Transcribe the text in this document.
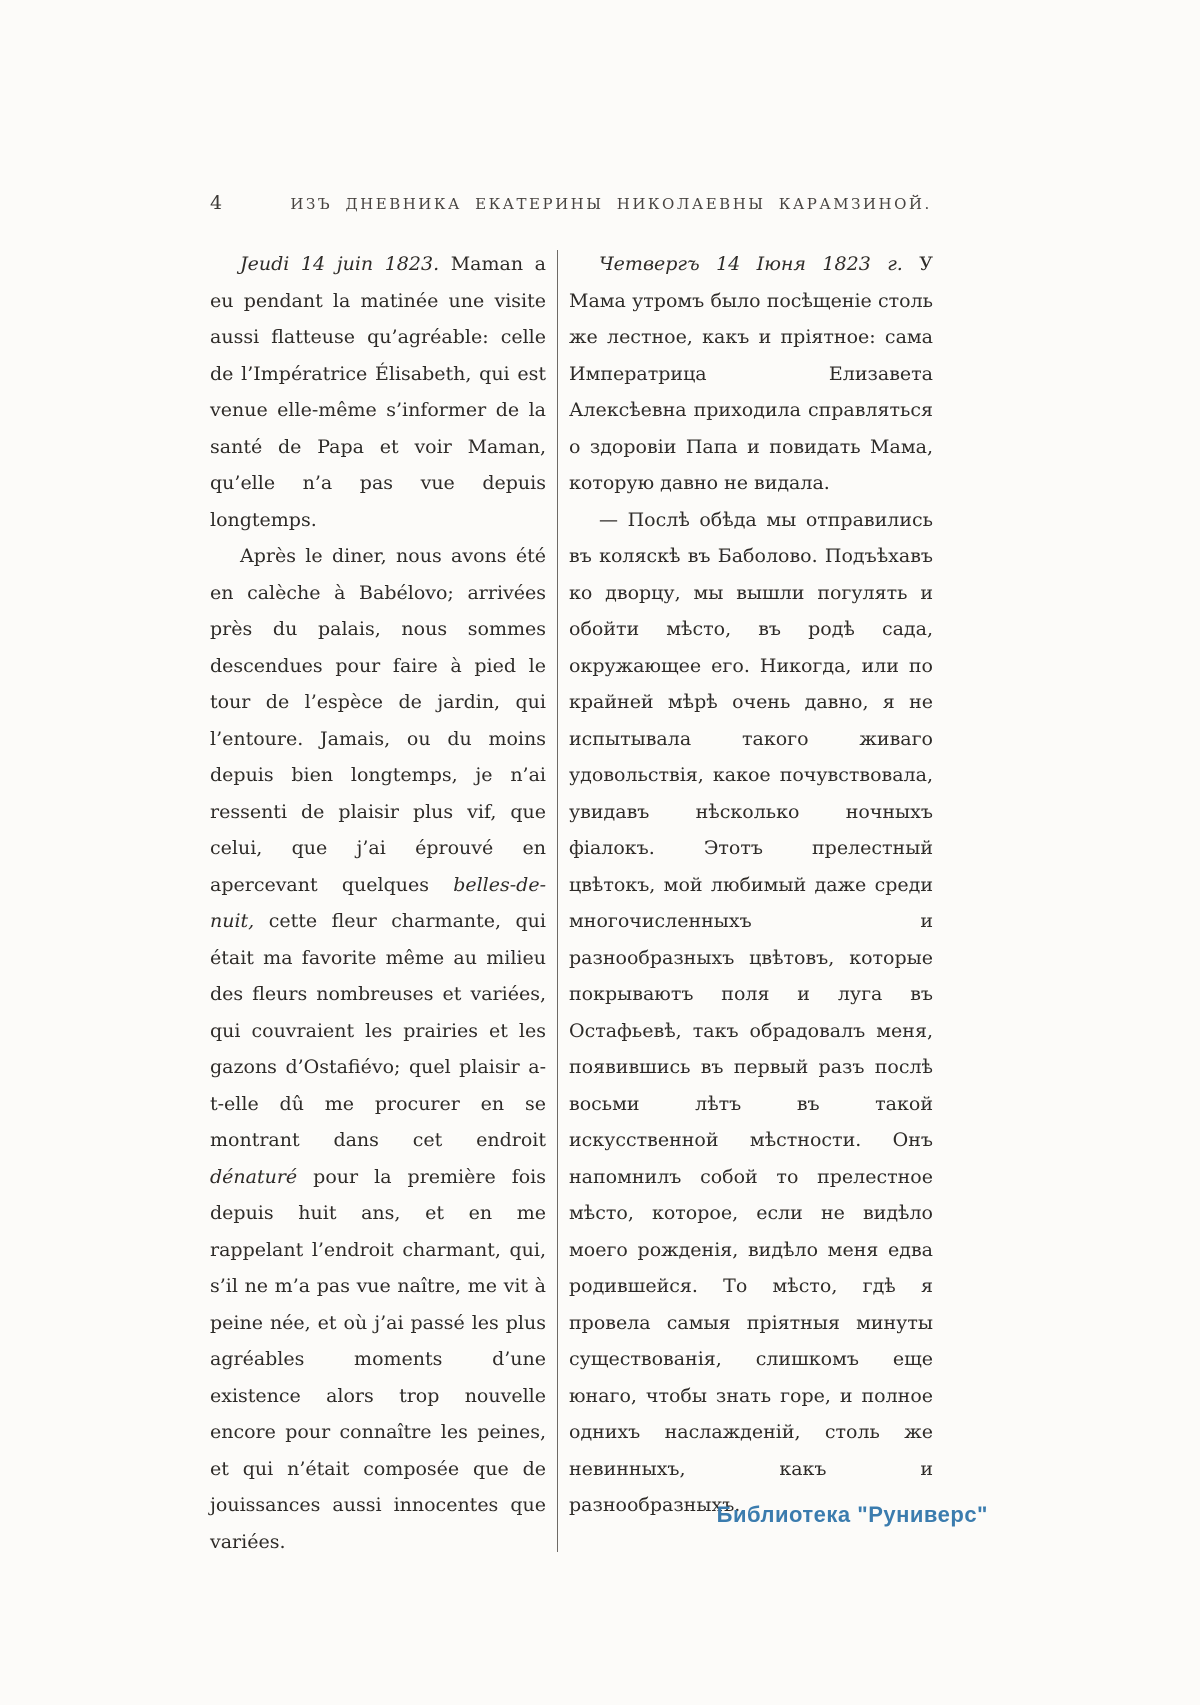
4	ИЗЪ ДНЕВНИКА ЕКАТЕРИНЫ НИКОЛАЕВНЫ КАРАМЗИНОЙ.

Jeudi 14 juin 1823. Maman a eu pendant la matinée une visite aussi flatteuse qu’agréable: celle de l’Impératrice Élisabeth, qui est venue elle-même s’informer de la santé de Papa et voir Maman, qu’elle n’a pas vue depuis longtemps.

Après le diner, nous avons été en calèche à Babélovo; arrivées près du palais, nous sommes descendues pour faire à pied le tour de l’espèce de jardin, qui l’entoure. Jamais, ou du moins depuis bien longtemps, je n’ai ressenti de plaisir plus vif, que celui, que j’ai éprouvé en apercevant quelques belles-de-nuit, cette fleur charmante, qui était ma favorite même au milieu des fleurs nombreuses et variées, qui couvraient les prairies et les gazons d’Ostafiévo; quel plaisir a-t-elle dû me procurer en se montrant dans cet endroit dénaturé pour la première fois depuis huit ans, et en me rappelant l’endroit charmant, qui, s’il ne m’a pas vue naître, me vit à peine née, et où j’ai passé les plus agréables moments d’une existence alors trop nouvelle encore pour connaître les peines, et qui n’était composée que de jouissances aussi innocentes que variées.

Четвергъ 14 Іюня 1823 г. У Мама утромъ было посѣщеніе столь же лестное, какъ и пріятное: сама Императрица Елизавета Алексѣевна приходила справляться о здоровіи Папа и повидать Мама, которую давно не видала.

— Послѣ обѣда мы отправились въ коляскѣ въ Баболово. Подъѣхавъ ко дворцу, мы вышли погулять и обойти мѣсто, въ родѣ сада, окружающее его. Никогда, или по крайней мѣрѣ очень давно, я не испытывала такого живаго удовольствія, какое почувствовала, увидавъ нѣсколько ночныхъ фіалокъ. Этотъ прелестный цвѣтокъ, мой любимый даже среди многочисленныхъ и разнообразныхъ цвѣтовъ, которые покрываютъ поля и луга въ Остафьевѣ, такъ обрадовалъ меня, появившись въ первый разъ послѣ восьми лѣтъ въ такой искусственной мѣстности. Онъ напомнилъ собой то прелестное мѣсто, которое, если не видѣло моего рожденія, видѣло меня едва родившейся. То мѣсто, гдѣ я провела самыя пріятныя минуты существованія, слишкомъ еще юнаго, чтобы знать горе, и полное однихъ наслажденій, столь же невинныхъ, какъ и разнообразныхъ.

Библиотека "Руниверс"
